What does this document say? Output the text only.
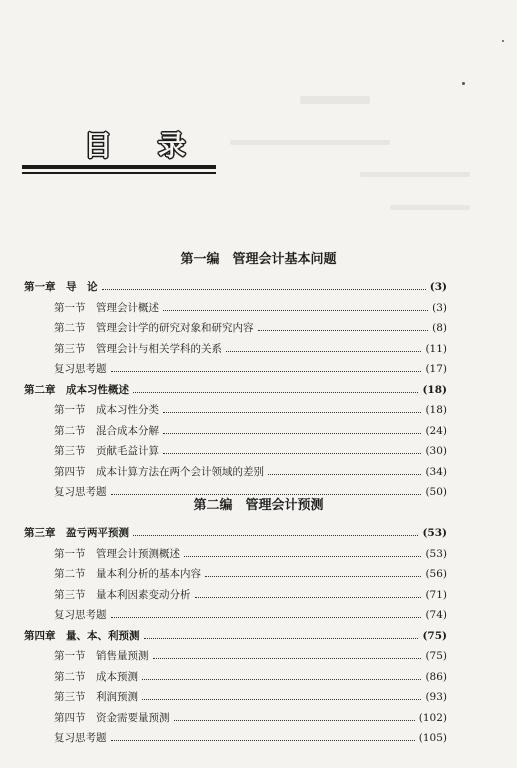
目 录
第一编　管理会计基本问题
第一章　导　论	(3)
第一节　管理会计概述	(3)
第二节　管理会计学的研究对象和研究内容	(8)
第三节　管理会计与相关学科的关系	(11)
复习思考题	(17)
第二章　成本习性概述	(18)
第一节　成本习性分类	(18)
第二节　混合成本分解	(24)
第三节　贡献毛益计算	(30)
第四节　成本计算方法在两个会计领域的差别	(34)
复习思考题	(50)
第二编　管理会计预测
第三章　盈亏两平预测	(53)
第一节　管理会计预测概述	(53)
第二节　量本利分析的基本内容	(56)
第三节　量本利因素变动分析	(71)
复习思考题	(74)
第四章　量、本、利预测	(75)
第一节　销售量预测	(75)
第二节　成本预测	(86)
第三节　利润预测	(93)
第四节　资金需要量预测	(102)
复习思考题	(105)
